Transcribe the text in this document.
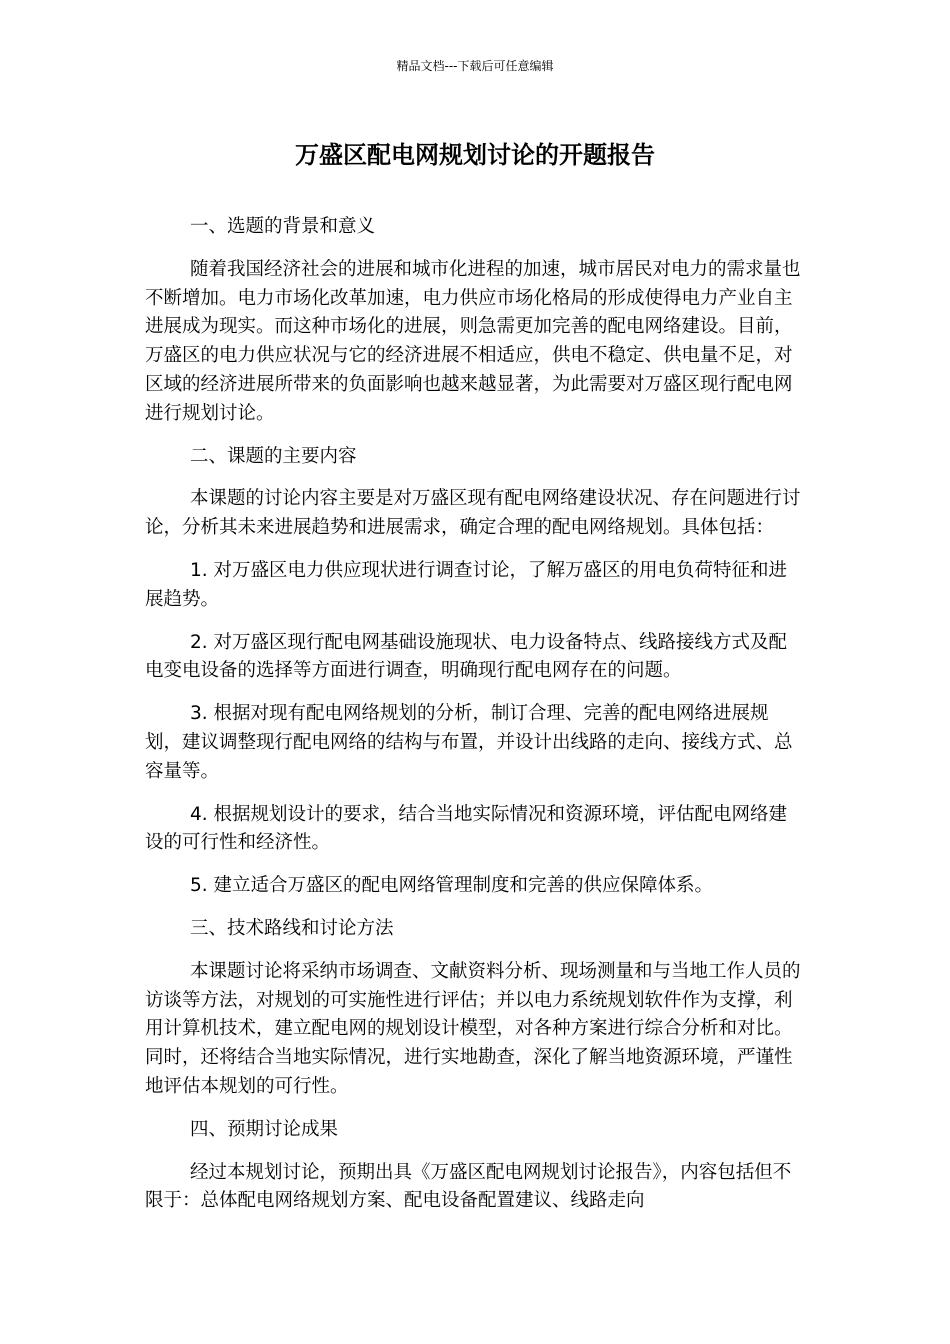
精品文档---下载后可任意编辑
万盛区配电网规划讨论的开题报告

一、选题的背景和意义

随着我国经济社会的进展和城市化进程的加速，城市居民对电力的需求量也不断增加。电力市场化改革加速，电力供应市场化格局的形成使得电力产业自主进展成为现实。而这种市场化的进展，则急需更加完善的配电网络建设。目前，万盛区的电力供应状况与它的经济进展不相适应，供电不稳定、供电量不足，对区域的经济进展所带来的负面影响也越来越显著，为此需要对万盛区现行配电网进行规划讨论。

二、课题的主要内容

本课题的讨论内容主要是对万盛区现有配电网络建设状况、存在问题进行讨论，分析其未来进展趋势和进展需求，确定合理的配电网络规划。具体包括：

1. 对万盛区电力供应现状进行调查讨论，了解万盛区的用电负荷特征和进展趋势。

2. 对万盛区现行配电网基础设施现状、电力设备特点、线路接线方式及配电变电设备的选择等方面进行调查，明确现行配电网存在的问题。

3. 根据对现有配电网络规划的分析，制订合理、完善的配电网络进展规划，建议调整现行配电网络的结构与布置，并设计出线路的走向、接线方式、总容量等。

4. 根据规划设计的要求，结合当地实际情况和资源环境，评估配电网络建设的可行性和经济性。

5. 建立适合万盛区的配电网络管理制度和完善的供应保障体系。

三、技术路线和讨论方法

本课题讨论将采纳市场调查、文献资料分析、现场测量和与当地工作人员的访谈等方法，对规划的可实施性进行评估；并以电力系统规划软件作为支撑，利用计算机技术，建立配电网的规划设计模型，对各种方案进行综合分析和对比。同时，还将结合当地实际情况，进行实地勘查，深化了解当地资源环境，严谨性地评估本规划的可行性。

四、预期讨论成果

经过本规划讨论，预期出具《万盛区配电网规划讨论报告》，内容包括但不限于：总体配电网络规划方案、配电设备配置建议、线路走向
